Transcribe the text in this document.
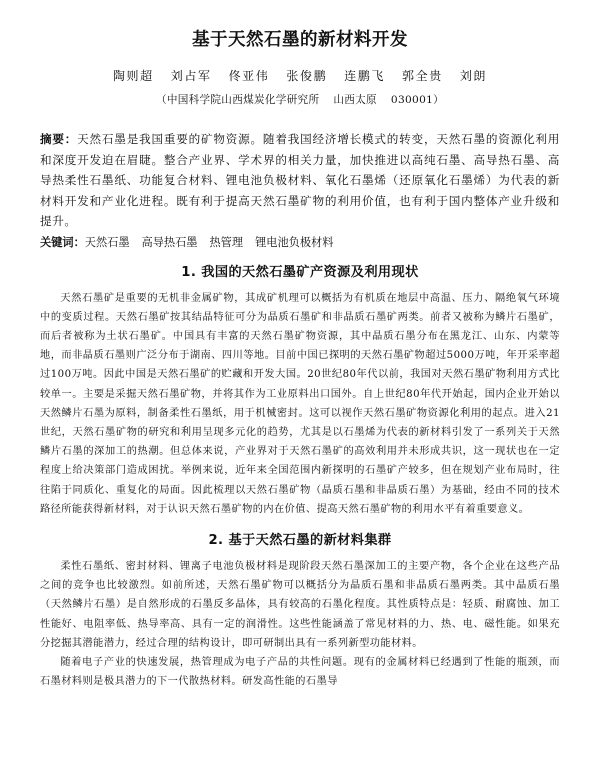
基于天然石墨的新材料开发
陶则超 刘占军 佟亚伟 张俊鹏 连鹏飞 郭全贵 刘朗
（中国科学院山西煤炭化学研究所 山西太原 030001）
摘要：天然石墨是我国重要的矿物资源。随着我国经济增长模式的转变，天然石墨的资源化利用和深度开发迫在眉睫。整合产业界、学术界的相关力量，加快推进以高纯石墨、高导热石墨、高导热柔性石墨纸、功能复合材料、锂电池负极材料、氧化石墨烯（还原氧化石墨烯）为代表的新材料开发和产业化进程。既有利于提高天然石墨矿物的利用价值，也有利于国内整体产业升级和提升。
关键词：天然石墨 高导热石墨 热管理 锂电池负极材料
1. 我国的天然石墨矿产资源及利用现状

天然石墨矿是重要的无机非金属矿物，其成矿机理可以概括为有机质在地层中高温、压力、隔绝氧气环境中的变质过程。天然石墨矿按其结晶特征可分为晶质石墨矿和非晶质石墨矿两类。前者又被称为鳞片石墨矿，而后者被称为土状石墨矿。中国具有丰富的天然石墨矿物资源，其中晶质石墨分布在黑龙江、山东、内蒙等地，而非晶质石墨则广泛分布于湖南、四川等地。目前中国已探明的天然石墨矿物超过5000万吨，年开采率超过100万吨。因此中国是天然石墨矿的贮藏和开发大国。20世纪80年代以前，我国对天然石墨矿物利用方式比较单一。主要是采掘天然石墨矿物，并将其作为工业原料出口国外。自上世纪80年代开始起，国内企业开始以天然鳞片石墨为原料，制备柔性石墨纸，用于机械密封。这可以视作天然石墨矿物资源化利用的起点。进入21世纪，天然石墨矿物的研究和利用呈现多元化的趋势，尤其是以石墨烯为代表的新材料引发了一系列关于天然鳞片石墨的深加工的热潮。但总体来说，产业界对于天然石墨矿的高效利用并未形成共识，这一现状也在一定程度上给决策部门造成困扰。举例来说，近年来全国范围内新探明的石墨矿产较多，但在规划产业布局时，往往陷于同质化、重复化的局面。因此梳理以天然石墨矿物（晶质石墨和非晶质石墨）为基础，经由不同的技术路径所能获得新材料，对于认识天然石墨矿物的内在价值、提高天然石墨矿物的利用水平有着重要意义。

2. 基于天然石墨的新材料集群

柔性石墨纸、密封材料、锂离子电池负极材料是现阶段天然石墨深加工的主要产物，各个企业在这些产品之间的竞争也比较激烈。如前所述，天然石墨矿物可以概括分为晶质石墨和非晶质石墨两类。其中晶质石墨（天然鳞片石墨）是自然形成的石墨反多晶体，具有较高的石墨化程度。其性质特点是：轻质、耐腐蚀、加工性能好、电阻率低、热导率高、具有一定的润滑性。这些性能涵盖了常见材料的力、热、电、磁性能。如果充分挖掘其潜能潜力，经过合理的结构设计，即可研制出具有一系列新型功能材料。

随着电子产业的快速发展，热管理成为电子产品的共性问题。现有的金属材料已经遇到了性能的瓶颈，而石墨材料则是极具潜力的下一代散热材料。研发高性能的石墨导
